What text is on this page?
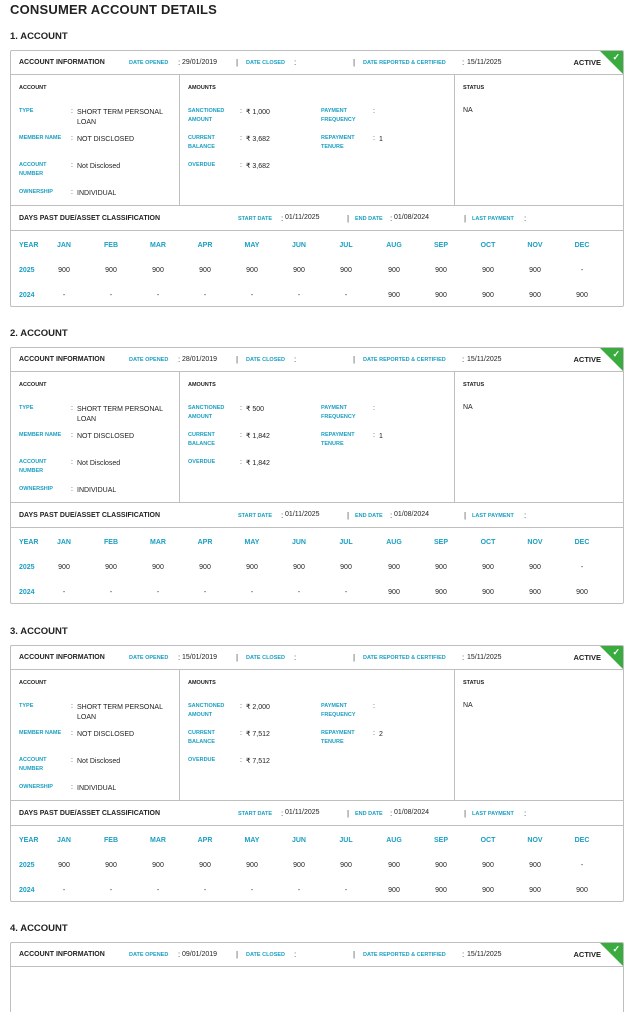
CONSUMER ACCOUNT DETAILS
1. ACCOUNT
ACCOUNT INFORMATION	DATE OPENED : 29/01/2019 | DATE CLOSED :	| DATE REPORTED & CERTIFIED : 15/11/2025	ACTIVE
✓
ACCOUNT
TYPE	: SHORT TERM PERSONAL LOAN
MEMBER NAME	: NOT DISCLOSED
ACCOUNT NUMBER
: Not Disclosed
OWNERSHIP	: INDIVIDUAL
AMOUNTS
SANCTIONED AMOUNT
: ₹ 1,000
CURRENT BALANCE
: ₹ 3,682
OVERDUE	: ₹ 3,682
PAYMENT FREQUENCY
:
REPAYMENT TENURE
: 1
STATUS
NA
DAYS PAST DUE/ASSET CLASSIFICATION	START DATE : 01/11/2025	| END DATE : 01/08/2024	| LAST PAYMENT :
YEAR	JAN	FEB	MAR	APR	MAY	JUN	JUL	AUG	SEP	OCT	NOV	DEC
2025	900	900	900	900	900	900	900	900	900	900	900	-
2024	-	-	-	-	-	-	-	900	900	900	900	900
2. ACCOUNT
ACCOUNT INFORMATION	DATE OPENED : 28/01/2019 | DATE CLOSED :	| DATE REPORTED & CERTIFIED : 15/11/2025	ACTIVE
✓
ACCOUNT
TYPE	: SHORT TERM PERSONAL LOAN
MEMBER NAME	: NOT DISCLOSED
ACCOUNT NUMBER
: Not Disclosed
OWNERSHIP	: INDIVIDUAL
AMOUNTS
SANCTIONED AMOUNT
: ₹ 500
CURRENT BALANCE
: ₹ 1,842
OVERDUE	: ₹ 1,842
PAYMENT FREQUENCY
:
REPAYMENT TENURE
: 1
STATUS
NA
DAYS PAST DUE/ASSET CLASSIFICATION	START DATE : 01/11/2025	| END DATE : 01/08/2024	| LAST PAYMENT :
YEAR	JAN	FEB	MAR	APR	MAY	JUN	JUL	AUG	SEP	OCT	NOV	DEC
2025	900	900	900	900	900	900	900	900	900	900	900	-
2024	-	-	-	-	-	-	-	900	900	900	900	900
3. ACCOUNT
ACCOUNT INFORMATION	DATE OPENED : 15/01/2019 | DATE CLOSED :	| DATE REPORTED & CERTIFIED : 15/11/2025	ACTIVE
✓
ACCOUNT
TYPE	: SHORT TERM PERSONAL LOAN
MEMBER NAME	: NOT DISCLOSED
ACCOUNT NUMBER
: Not Disclosed
OWNERSHIP	: INDIVIDUAL
AMOUNTS
SANCTIONED AMOUNT
: ₹ 2,000
CURRENT BALANCE
: ₹ 7,512
OVERDUE	: ₹ 7,512
PAYMENT FREQUENCY
:
REPAYMENT TENURE
: 2
STATUS
NA
DAYS PAST DUE/ASSET CLASSIFICATION	START DATE : 01/11/2025	| END DATE : 01/08/2024	| LAST PAYMENT :
YEAR	JAN	FEB	MAR	APR	MAY	JUN	JUL	AUG	SEP	OCT	NOV	DEC
2025	900	900	900	900	900	900	900	900	900	900	900	-
2024	-	-	-	-	-	-	-	900	900	900	900	900
4. ACCOUNT
ACCOUNT INFORMATION	DATE OPENED : 09/01/2019 | DATE CLOSED :	| DATE REPORTED & CERTIFIED : 15/11/2025	ACTIVE
✓
